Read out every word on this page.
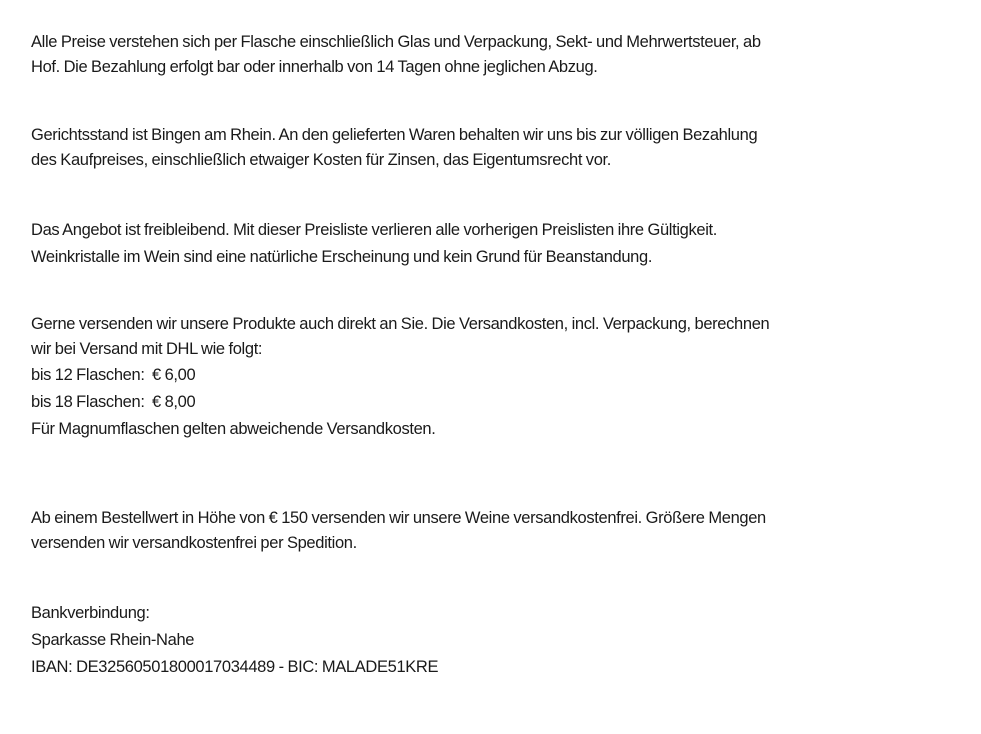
Alle Preise verstehen sich per Flasche einschließlich Glas und Verpackung, Sekt- und Mehrwertsteuer, ab
Hof. Die Bezahlung erfolgt bar oder innerhalb von 14 Tagen ohne jeglichen Abzug.
Gerichtsstand ist Bingen am Rhein. An den gelieferten Waren behalten wir uns bis zur völligen Bezahlung
des Kaufpreises, einschließlich etwaiger Kosten für Zinsen, das Eigentumsrecht vor.
Das Angebot ist freibleibend. Mit dieser Preisliste verlieren alle vorherigen Preislisten ihre Gültigkeit.
Weinkristalle im Wein sind eine natürliche Erscheinung und kein Grund für Beanstandung.
Gerne versenden wir unsere Produkte auch direkt an Sie. Die Versandkosten, incl. Verpackung, berechnen
wir bei Versand mit DHL wie folgt:
bis 12 Flaschen:  € 6,00
bis 18 Flaschen:  € 8,00
Für Magnumflaschen gelten abweichende Versandkosten.
Ab einem Bestellwert in Höhe von € 150 versenden wir unsere Weine versandkostenfrei. Größere Mengen
versenden wir versandkostenfrei per Spedition.
Bankverbindung:
Sparkasse Rhein-Nahe
IBAN: DE32560501800017034489 - BIC: MALADE51KRE
